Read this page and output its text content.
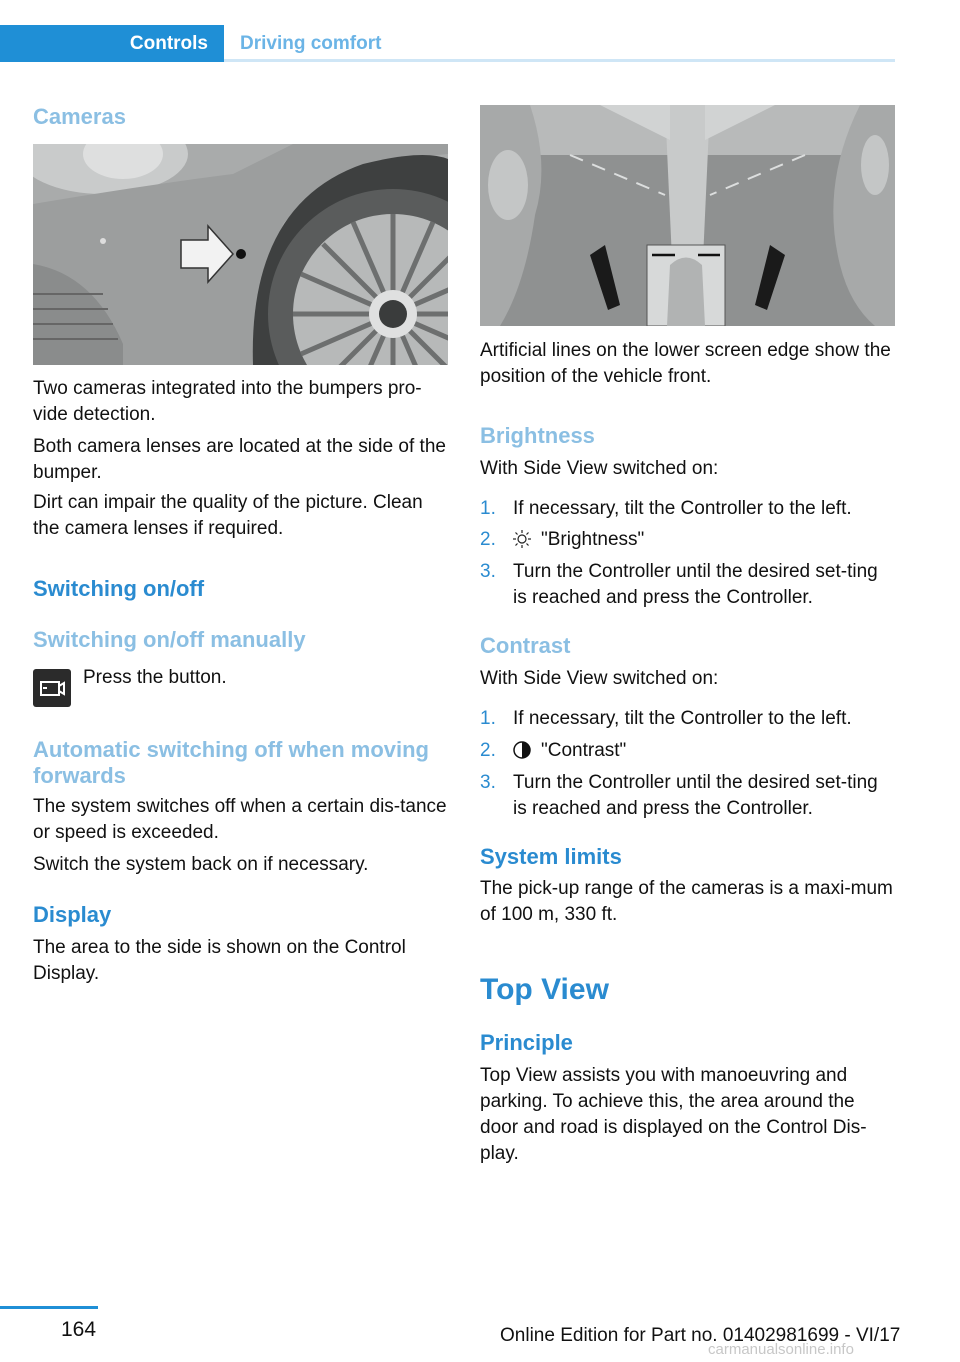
Controls	Driving comfort
Cameras
Two cameras integrated into the bumpers pro‐vide detection.
Both camera lenses are located at the side of the bumper.
Dirt can impair the quality of the picture. Clean the camera lenses if required.
Switching on/off
Switching on/off manually
Press the button.
Automatic switching off when moving forwards
The system switches off when a certain dis‐tance or speed is exceeded.
Switch the system back on if necessary.
Display
The area to the side is shown on the Control Display.
Artificial lines on the lower screen edge show the position of the vehicle front.
Brightness
With Side View switched on:
1. If necessary, tilt the Controller to the left.
2.	"Brightness"
3. Turn the Controller until the desired set‐ting is reached and press the Controller.
Contrast
With Side View switched on:
1. If necessary, tilt the Controller to the left.
2.	"Contrast"
3. Turn the Controller until the desired set‐ting is reached and press the Controller.
System limits
The pick-up range of the cameras is a maxi‐mum of 100 m, 330 ft.
Top View
Principle
Top View assists you with manoeuvring and parking. To achieve this, the area around the door and road is displayed on the Control Dis‐play.
164	Online Edition for Part no. 01402981699 - VI/17
carmanualsonline.info
